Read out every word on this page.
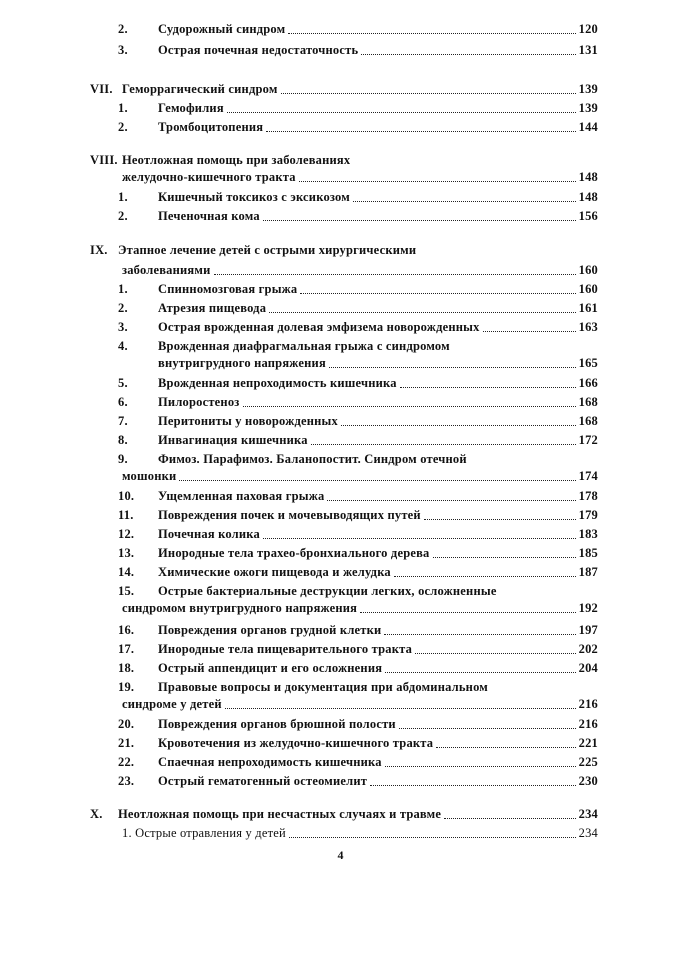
2.	Судорожный синдром	120
3.	Острая почечная недостаточность	131
VII. Геморрагический синдром	139
1.	Гемофилия	139
2.	Тромбоцитопения	144
VIII. Неотложная помощь при заболеваниях
желудочно-кишечного тракта	148
1.	Кишечный токсикоз с эксикозом	148
2.	Печеночная кома	156
IX. Этапное лечение детей с острыми хирургическими
заболеваниями	160
1.	Спинномозговая грыжа	160
2.	Атрезия пищевода	161
3.	Острая врожденная долевая эмфизема новорожденных	163
4.	Врожденная диафрагмальная грыжа с синдромом
внутригрудного напряжения	165
5.	Врожденная непроходимость кишечника	166
6.	Пилоростеноз	168
7.	Перитониты у новорожденных	168
8.	Инвагинация кишечника	172
9.	Фимоз. Парафимоз. Баланопостит. Синдром отечной
мошонки	174
10.	Ущемленная паховая грыжа	178
11.	Повреждения почек и мочевыводящих путей	179
12.	Почечная колика	183
13.	Инородные тела трахео-бронхиального дерева	185
14.	Химические ожоги пищевода и желудка	187
15.	Острые бактериальные деструкции легких, осложненные
синдромом внутригрудного напряжения	192
16.	Повреждения органов грудной клетки	197
17.	Инородные тела пищеварительного тракта	202
18.	Острый аппендицит и его осложнения	204
19.	Правовые вопросы и документация при абдоминальном
синдроме у детей	216
20.	Повреждения органов брюшной полости	216
21.	Кровотечения из желудочно-кишечного тракта	221
22.	Спаечная непроходимость кишечника	225
23.	Острый гематогенный остеомиелит	230
X.	Неотложная помощь при несчастных случаях и травме	234
1. Острые отравления у детей	234
4
